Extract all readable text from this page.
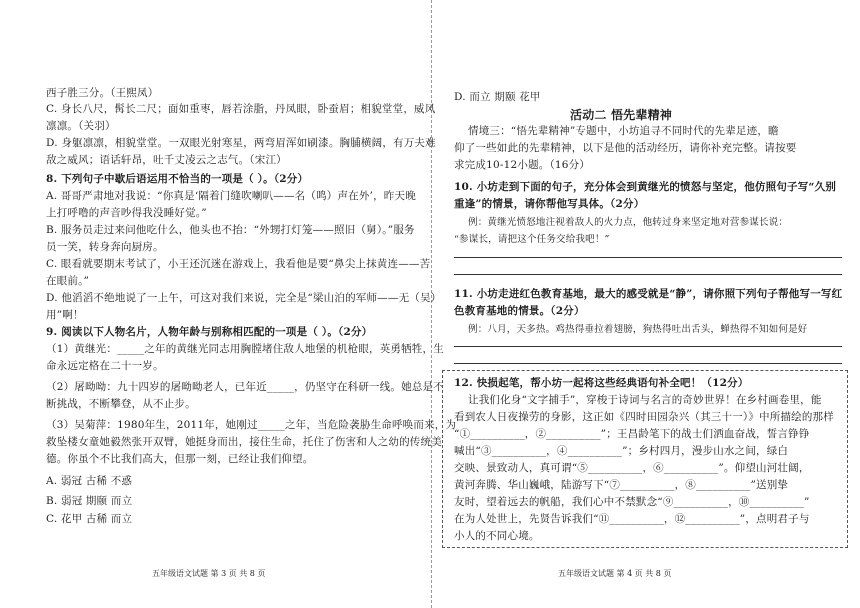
西子胜三分。（王熙凤）
C. 身长八尺，髯长二尺；面如重枣，唇若涂脂，丹凤眼，卧蚕眉；相貌堂堂，威风
凛凛。（关羽）
D. 身躯凛凛，相貌堂堂。一双眼光射寒星，两弯眉浑如刷漆。胸脯横阔，有万夫难
敌之威风；语话轩昂，吐千丈凌云之志气。（宋江）
8. 下列句子中歇后语运用不恰当的一项是（ ）。（2分）
A. 哥哥严肃地对我说：“你真是‘隔着门缝吹喇叭——名（鸣）声在外’，昨天晚
上打呼噜的声音吵得我没睡好觉。”
B. 服务员走过来问他吃什么，他头也不抬：“外甥打灯笼——照旧（舅）。”服务
员一笑，转身奔向厨房。
C. 眼看就要期末考试了，小王还沉迷在游戏上，我看他是要“鼻尖上抹黄连——苦
在眼前。”
D. 他滔滔不绝地说了一上午，可这对我们来说，完全是“梁山泊的军师——无（吴）
用”啊！
9. 阅读以下人物名片，人物年龄与别称相匹配的一项是（ ）。（2分）
（1）黄继光：_____之年的黄继光同志用胸膛堵住敌人地堡的机枪眼，英勇牺牲，生
命永远定格在二十一岁。
（2）屠呦呦：九十四岁的屠呦呦老人，已年近_____，仍坚守在科研一线。她总是不
断挑战，不断攀登，从不止步。
（3）吴菊萍：1980年生，2011年，她刚过_____之年，当危险袭胁生命呼唤而来，为
救坠楼女童她毅然张开双臂，她挺身而出，接住生命，托住了伤害和人之幼的传统美
德。你虽个不比我们高大，但那一刻，已经让我们仰望。
A. 弱冠 古稀 不惑
B. 弱冠 期颐 而立
C. 花甲 古稀 而立
五年级语文试题 第 3 页 共 8 页
D. 而立 期颐 花甲
活动二 悟先辈精神
情境三：“悟先辈精神”专题中，小坊追寻不同时代的先辈足迹，瞻
仰了一些如此的先辈精神，以下是他的活动经历，请你补充完整。请按要
求完成10-12小题。（16分）
10. 小坊走到下面的句子，充分体会到黄继光的愤怒与坚定，他仿照句子写“久别
重逢”的情景，请你帮他写具体。（2分）
例：黄继光愤怒地注视着敌人的火力点，他转过身来坚定地对营参谋长说：
“参谋长，请把这个任务交给我吧！”
11. 小坊走进红色教育基地，最大的感受就是“静”，请你照下列句子帮他写一写红
色教育基地的情景。（2分）
例：八月，天多热。鸡热得垂拉着翅膀，狗热得吐出舌头，蝉热得不知如何是好
12. 快损起笔，帮小坊一起将这些经典语句补全吧！（12分）
让我们化身“文字捕手”，穿梭于诗词与名言的奇妙世界！在乡村画卷里，能
看到农人日夜操劳的身影，这正如《四时田园杂兴（其三十一）》中所描绘的那样
“①__________，②__________”；王昌龄笔下的战士们洒血奋战，誓言铮铮
喊出“③__________，④__________”；乡村四月，漫步山水之间，绿白
交映、景致动人，真可谓“⑤__________，⑥__________”。仰望山河壮阔，
黄河奔腾、华山巍峨，陆游写下“⑦__________，⑧__________”送别挚
友时，望着远去的帆船，我们心中不禁默念“⑨__________，⑩__________”
在为人处世上，先贤告诉我们“⑪__________，⑫__________”，点明君子与
小人的不同心境。
五年级语文试题 第 4 页 共 8 页
